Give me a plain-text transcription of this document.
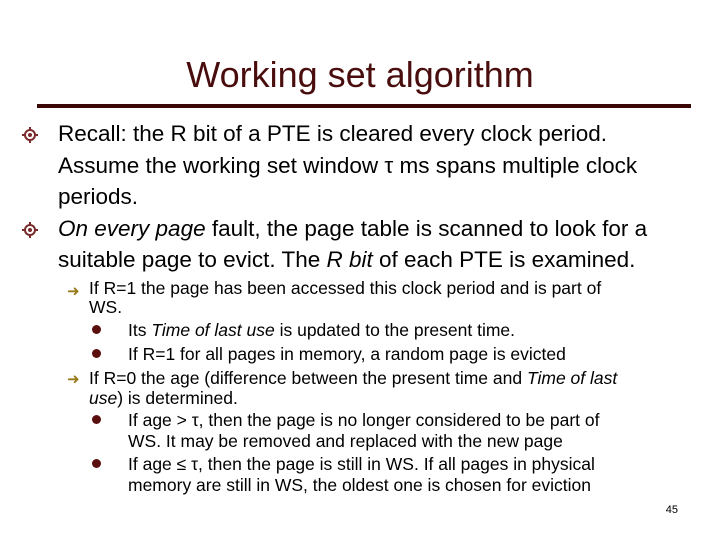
Working set algorithm
Recall: the R bit of a PTE is cleared every clock period.
Assume the working set window τ ms spans multiple clock
periods.
On every page fault, the page table is scanned to look for a
suitable page to evict. The R bit of each PTE is examined.
➜
➜
If R=1 the page has been accessed this clock period and is part of
WS.
Its Time of last use is updated to the present time.
If R=1 for all pages in memory, a random page is evicted
If R=0 the age (difference between the present time and Time of last
use) is determined.
If age > τ, then the page is no longer considered to be part of
WS. It may be removed and replaced with the new page
If age ≤ τ, then the page is still in WS. If all pages in physical
memory are still in WS, the oldest one is chosen for eviction
45
